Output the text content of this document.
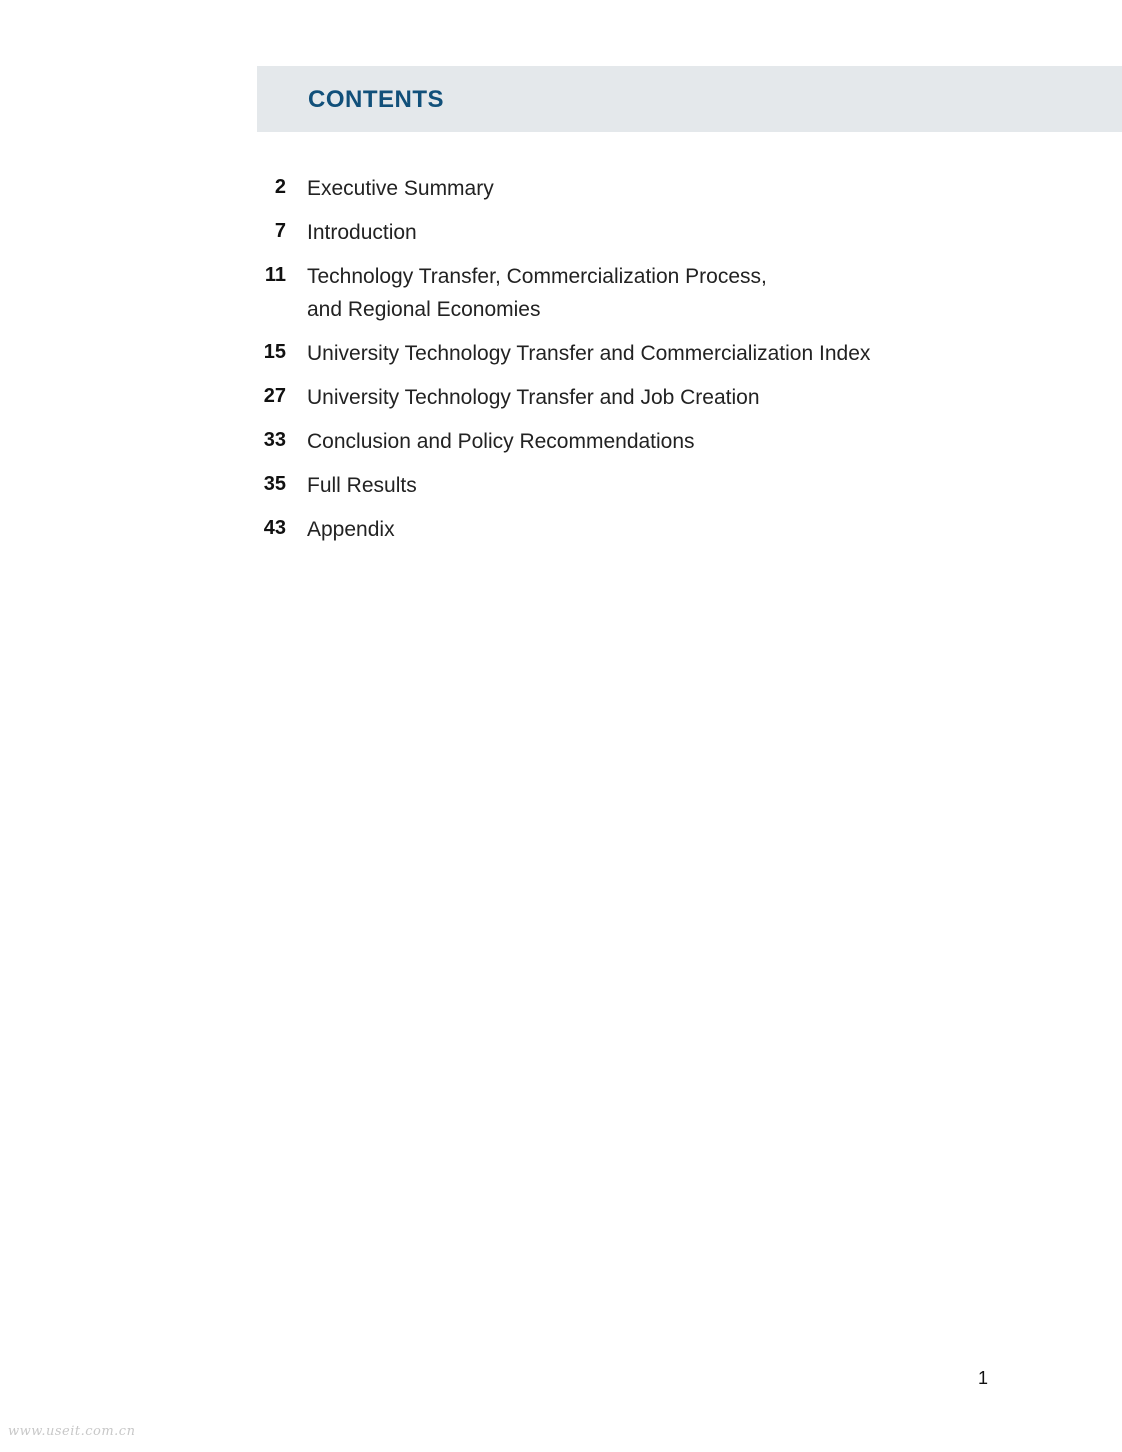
CONTENTS
2 Executive Summary
7 Introduction
11 Technology Transfer, Commercialization Process,
and Regional Economies
15 University Technology Transfer and Commercialization Index
27 University Technology Transfer and Job Creation
33 Conclusion and Policy Recommendations
35 Full Results
43 Appendix
1
www.useit.com.cn
